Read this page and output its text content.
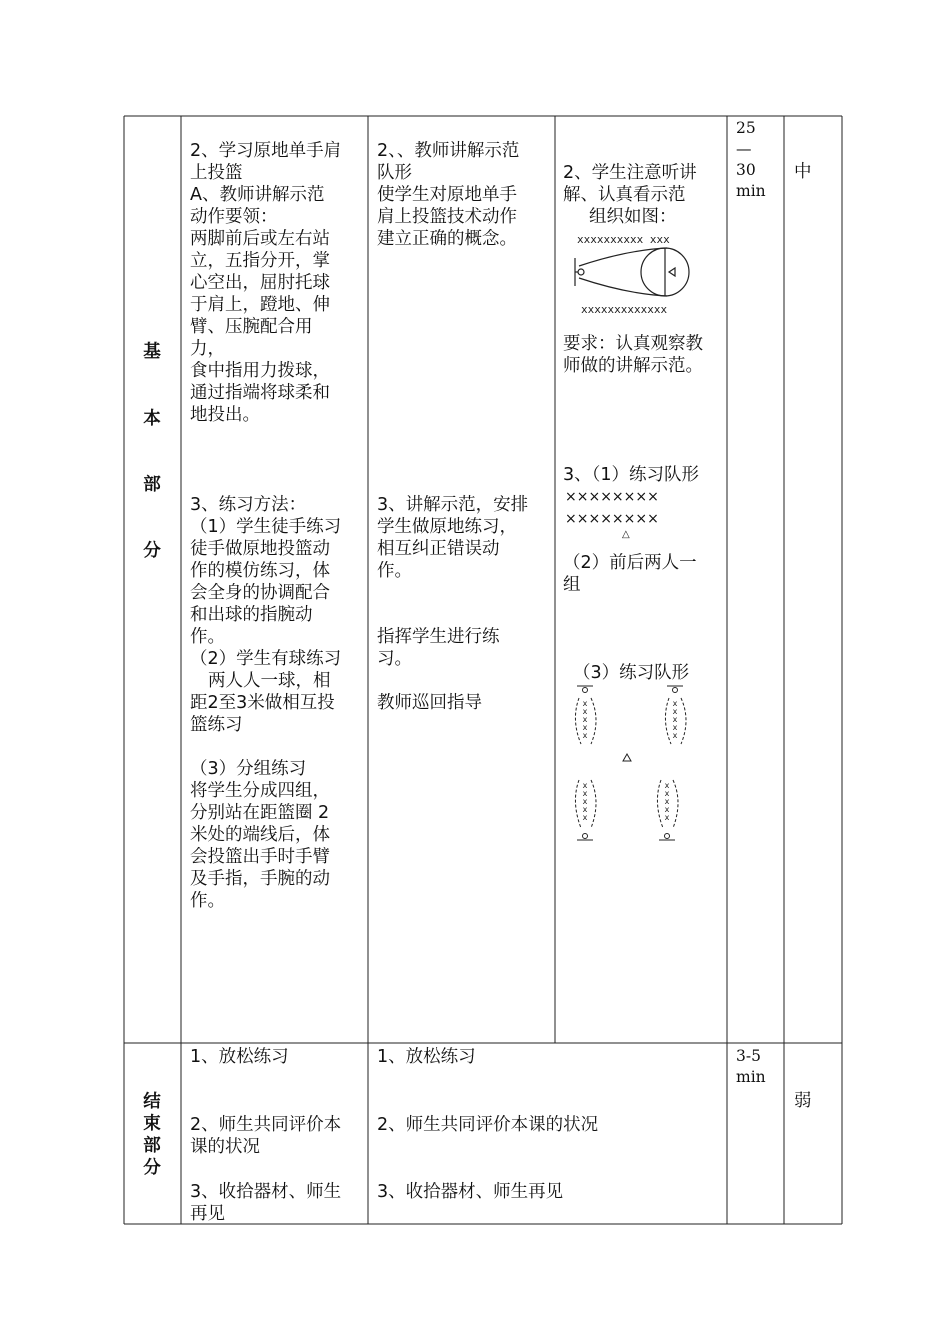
基
本
部
分
2、学习原地单手肩
上投篮
A、教师讲解示范
动作要领：
两脚前后或左右站
立，五指分开，掌
心空出，屈肘托球
于肩上，蹬地、伸
臂、压腕配合用
力，
食中指用力拨球，
通过指端将球柔和
地投出。
3、练习方法：
（1）学生徒手练习
徒手做原地投篮动
作的模仿练习，体
会全身的协调配合
和出球的指腕动
作。
（2）学生有球练习
两人人一球，相
距2至3米做相互投
篮练习
（3）分组练习
将学生分成四组，
分别站在距篮圈 2
米处的端线后，体
会投篮出手时手臂
及手指，手腕的动
作。
2、、教师讲解示范
队形
使学生对原地单手
肩上投篮技术动作
建立正确的概念。
3、讲解示范，安排
学生做原地练习，
相互纠正错误动
作。
指挥学生进行练
习。
教师巡回指导
2、学生注意听讲
解、认真看示范
组织如图：
xxxxxxxxxx xxx
xxxxxxxxxxxxx
要求：认真观察教
师做的讲解示范。
3、（1）练习队形
××××××××
××××××××
△
（2）前后两人一
组
（3）练习队形
x
x
x
x
x
x
x
x
x
x
x
x
x
x
x
x
x
x
x
x
25
—
30
min
中
结
束
部
分
1、放松练习
2、师生共同评价本
课的状况
3、收拾器材、师生
再见
1、放松练习
2、师生共同评价本课的状况
3、收拾器材、师生再见
3-5
min
弱
